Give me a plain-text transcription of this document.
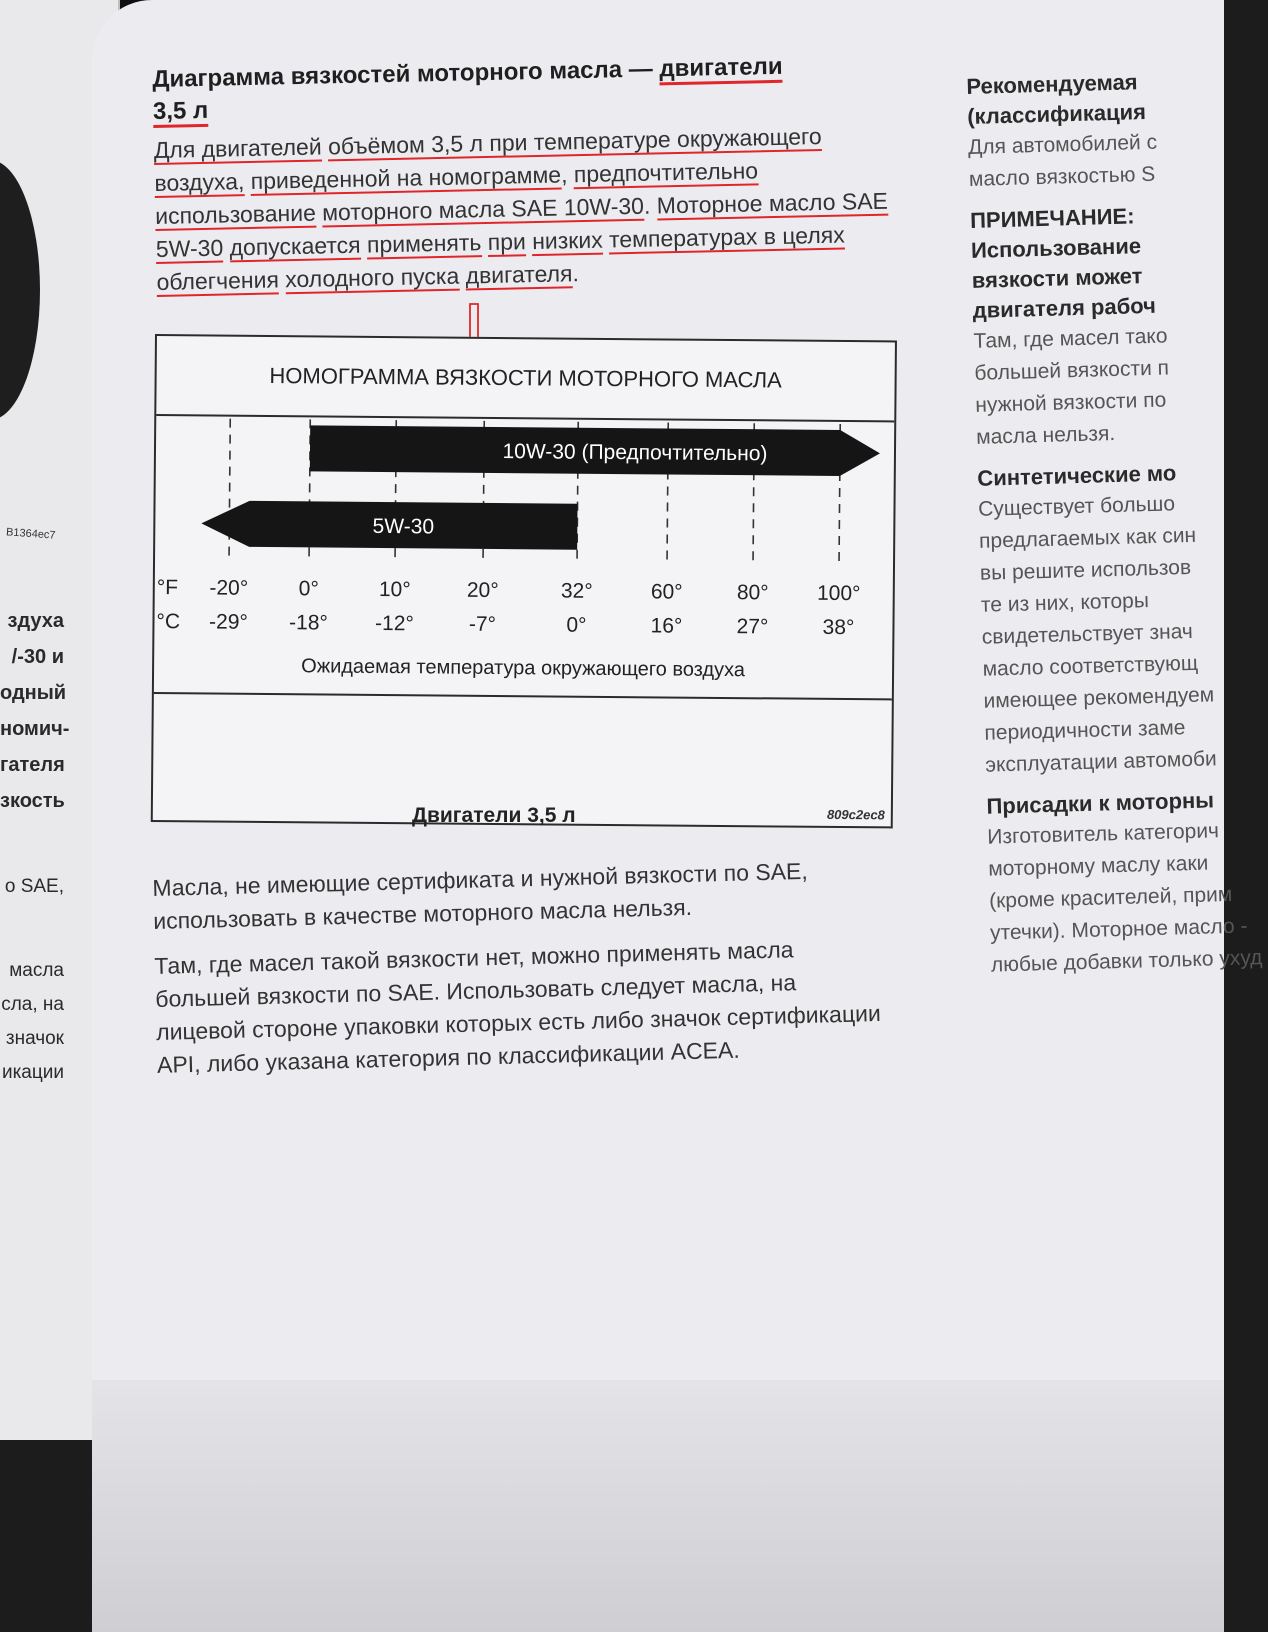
B1364ec7
здуха
/-30 и
одный
номич-
гателя
зкость
о SAE,
масла
сла, на
значок
икации
Диаграмма вязкостей моторного масла — двигатели
3,5 л

Для двигателей объёмом 3,5 л при температуре окружающего воздуха, приведенной на номограмме, предпочтительно использование моторного масла SAE 10W-30. Моторное масло SAE 5W-30 допускается применять при низких температурах в целях облегчения холодного пуска двигателя.

НОМОГРАММА ВЯЗКОСТИ МОТОРНОГО МАСЛА
10W-30 (Предпочтительно)
5W-30
°F -20° 0°	10°	20°	32°	60°	80° 100°
°C -29° -18° -12°	-7°	0°	16°	27°	38°
Ожидаемая температура окружающего воздуха
809c2ec8
Двигатели 3,5 л

Масла, не имеющие сертификата и нужной вязкости по SAE, использовать в качестве моторного масла нельзя.

Там, где масел такой вязкости нет, можно применять масла большей вязкости по SAE. Использовать следует масла, на лицевой стороне упаковки которых есть либо значок сертификации API, либо указана категория по классификации ACEA.

Рекомендуемая
(классификация
Для автомобилей с
масло вязкостью S
ПРИМЕЧАНИЕ:
Использование
вязкости может
двигателя рабоч
Там, где масел тако
большей вязкости п
нужной вязкости по
масла нельзя.
Синтетические мо
Существует большо
предлагаемых как син
вы решите использов
те из них, которы
свидетельствует знач
масло соответствующ
имеющее рекомендуем
периодичности заме
эксплуатации автомоби
Присадки к моторны
Изготовитель категорич
моторному маслу каки
(кроме красителей, прим
утечки). Моторное масло -
любые добавки только ухуд
